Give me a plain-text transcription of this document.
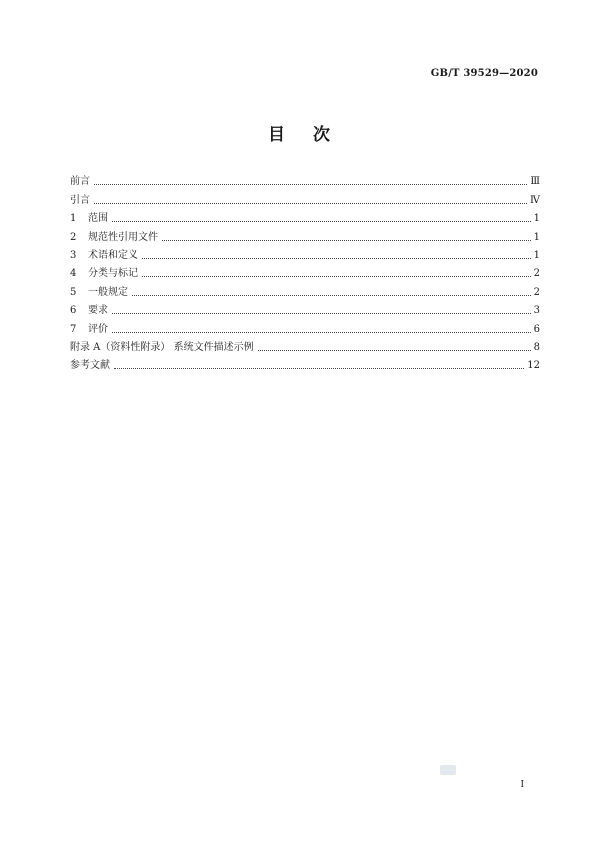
GB/T 39529—2020
目 次
前言	Ⅲ
引言	Ⅳ
1	范围	1
2	规范性引用文件	1
3	术语和定义	1
4	分类与标记	2
5	一般规定	2
6	要求	3
7	评价	6
附录 A（资料性附录） 系统文件描述示例	8
参考文献	12
I
